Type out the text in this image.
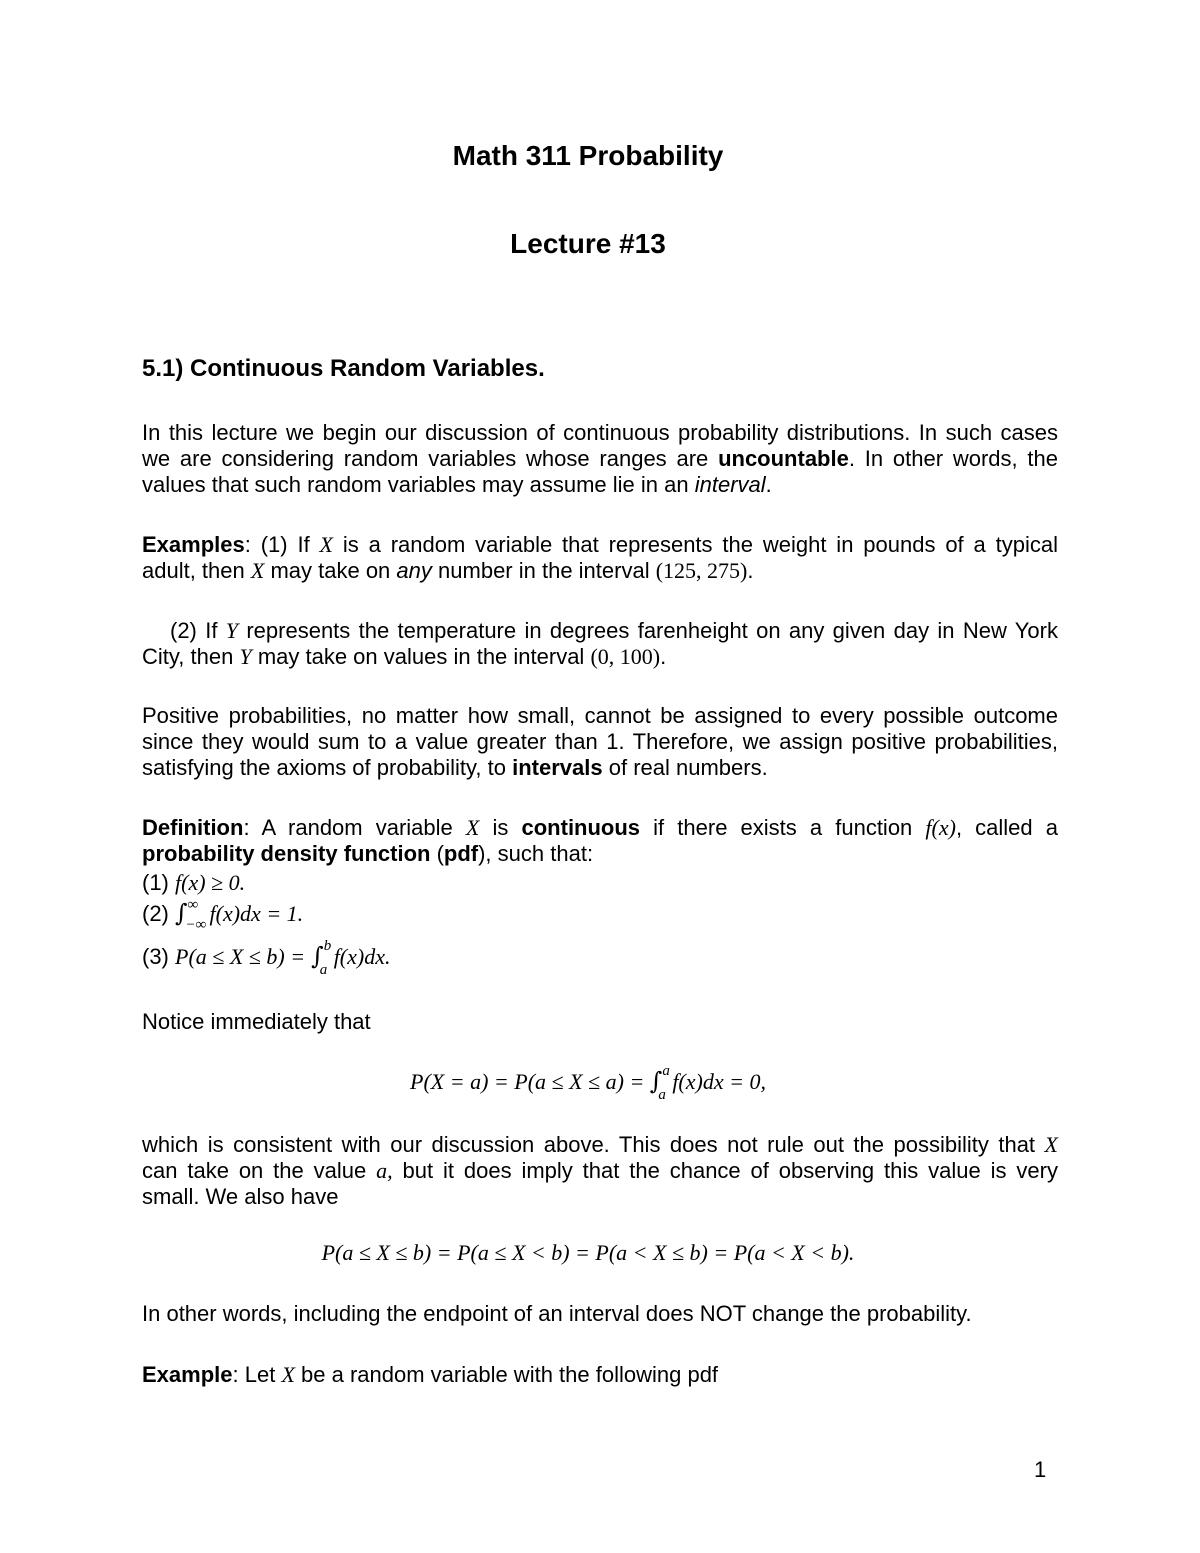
Math 311 Probability
Lecture #13
5.1) Continuous Random Variables.
In this lecture we begin our discussion of continuous probability distributions. In such cases
we are considering random variables whose ranges are uncountable. In other words, the
values that such random variables may assume lie in an interval.
Examples: (1) If X is a random variable that represents the weight in pounds of a typical
adult, then X may take on any number in the interval (125, 275).
(2) If Y represents the temperature in degrees farenheight on any given day in New York
City, then Y may take on values in the interval (0, 100).
Positive probabilities, no matter how small, cannot be assigned to every possible outcome
since they would sum to a value greater than 1. Therefore, we assign positive probabilities,
satisfying the axioms of probability, to intervals of real numbers.
Definition: A random variable X is continuous if there exists a function f(x), called a
probability density function (pdf), such that:
(1) f(x) ≥ 0.
(2) ∫ ∞
−∞ f(x)dx = 1.
(3) P(a ≤ X ≤ b) = ∫ b
a
f(x)dx.
Notice immediately that
P(X = a) = P(a ≤ X ≤ a) = ∫ a
a
f(x)dx = 0,
which is consistent with our discussion above. This does not rule out the possibility that X
can take on the value a, but it does imply that the chance of observing this value is very
small. We also have
P(a ≤ X ≤ b) = P(a ≤ X < b) = P(a < X ≤ b) = P(a < X < b).
In other words, including the endpoint of an interval does NOT change the probability.
Example: Let X be a random variable with the following pdf
1
